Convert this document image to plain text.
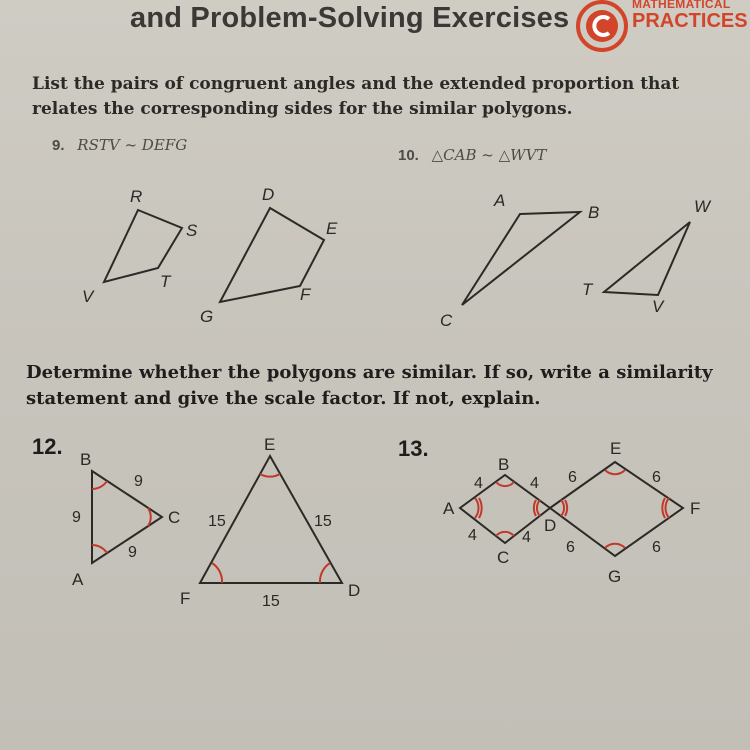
and Problem-Solving Exercises	MATHEMATICAL
PRACTICES
List the pairs of congruent angles and the extended proportion that relates the corresponding sides for the similar polygons.
9. RSTV ~ DEFG
10. △CAB ~ △WVT
R
S
T
V
D
E
F
G
A
B
C
W
T
V
B
C
A
9
9
9
E
D
F
15	15
15
B
A
D
C
E
F
G
4	4
4	4
6	6
6	6
Determine whether the polygons are similar. If so, write a similarity statement and give the scale factor. If not, explain.
12.	13.
